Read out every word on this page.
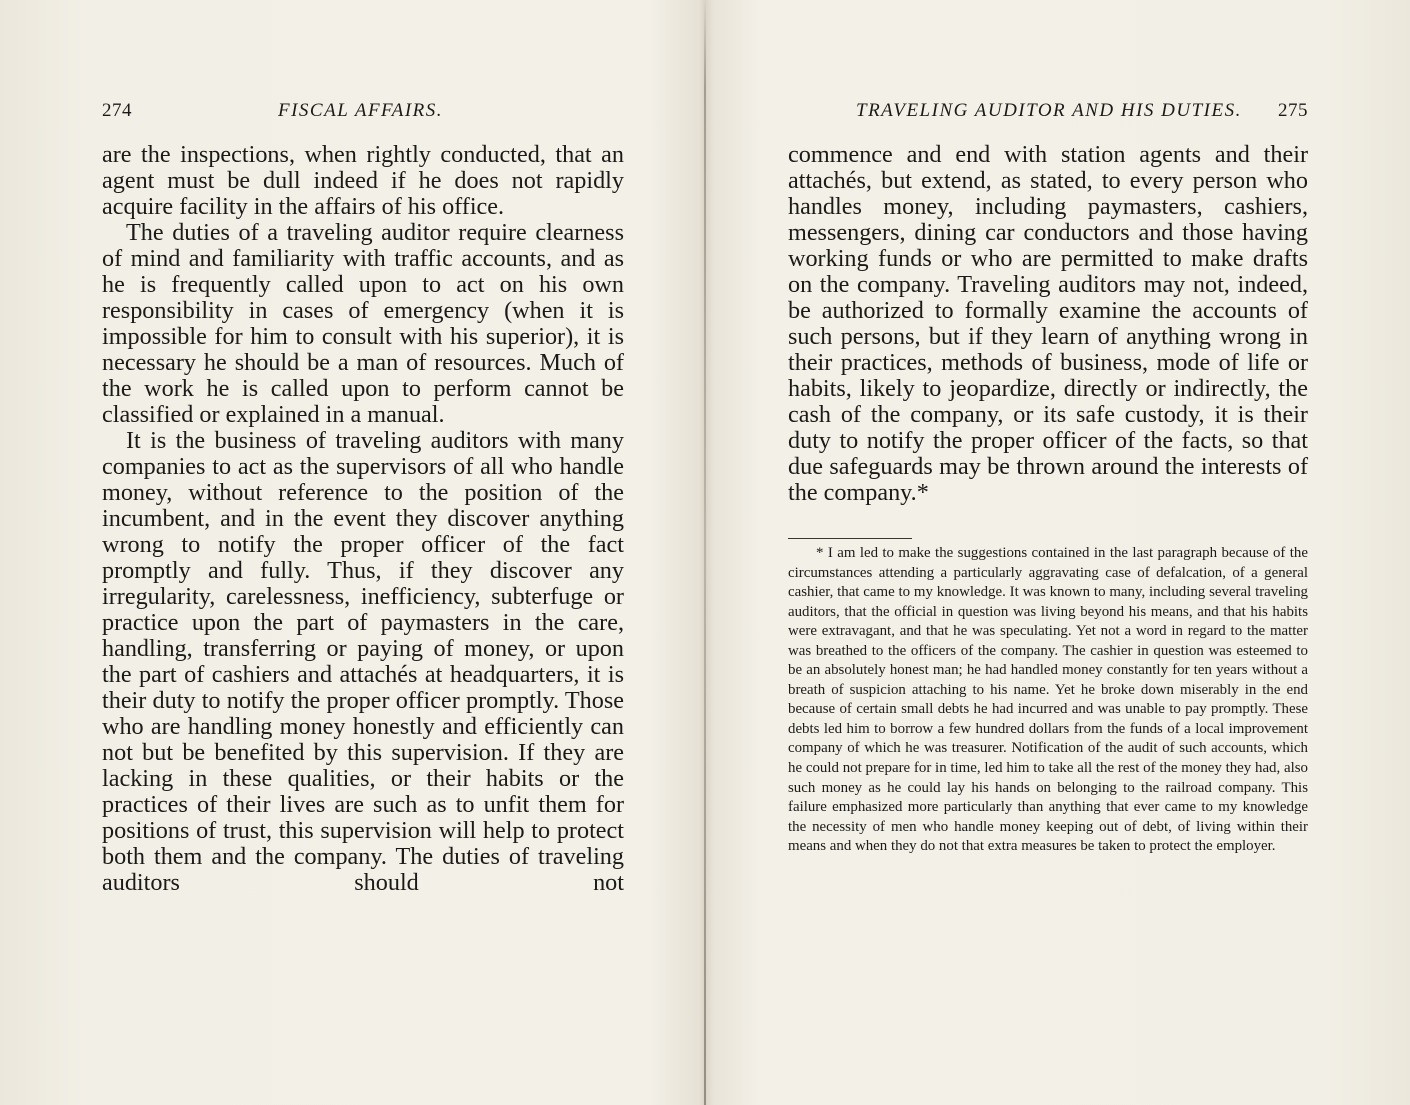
274	FISCAL AFFAIRS.

are the inspections, when rightly conducted, that an agent must be dull indeed if he does not rapidly acquire facility in the affairs of his office.

The duties of a traveling auditor require clearness of mind and familiarity with traffic accounts, and as he is frequently called upon to act on his own responsibility in cases of emergency (when it is impossible for him to consult with his superior), it is necessary he should be a man of resources. Much of the work he is called upon to perform cannot be classified or explained in a manual.

It is the business of traveling auditors with many companies to act as the supervisors of all who handle money, without reference to the position of the incumbent, and in the event they discover anything wrong to notify the proper officer of the fact promptly and fully. Thus, if they discover any irregularity, carelessness, inefficiency, subterfuge or practice upon the part of paymasters in the care, handling, transferring or paying of money, or upon the part of cashiers and attachés at headquarters, it is their duty to notify the proper officer promptly. Those who are handling money honestly and efficiently can not but be benefited by this supervision. If they are lacking in these qualities, or their habits or the practices of their lives are such as to unfit them for positions of trust, this supervision will help to protect both them and the company. The duties of traveling auditors should not

TRAVELING AUDITOR AND HIS DUTIES. 275

commence and end with station agents and their attachés, but extend, as stated, to every person who handles money, including paymasters, cashiers, messengers, dining car conductors and those having working funds or who are permitted to make drafts on the company. Traveling auditors may not, indeed, be authorized to formally examine the accounts of such persons, but if they learn of anything wrong in their practices, methods of business, mode of life or habits, likely to jeopardize, directly or indirectly, the cash of the company, or its safe custody, it is their duty to notify the proper officer of the facts, so that due safeguards may be thrown around the interests of the company.*

* I am led to make the suggestions contained in the last paragraph because of the circumstances attending a particularly aggravating case of defalcation, of a general cashier, that came to my knowledge. It was known to many, including several traveling auditors, that the official in question was living beyond his means, and that his habits were extravagant, and that he was speculating. Yet not a word in regard to the matter was breathed to the officers of the company. The cashier in question was esteemed to be an absolutely honest man; he had handled money constantly for ten years without a breath of suspicion attaching to his name. Yet he broke down miserably in the end because of certain small debts he had incurred and was unable to pay promptly. These debts led him to borrow a few hundred dollars from the funds of a local improvement company of which he was treasurer. Notification of the audit of such accounts, which he could not prepare for in time, led him to take all the rest of the money they had, also such money as he could lay his hands on belonging to the railroad company. This failure emphasized more particularly than anything that ever came to my knowledge the necessity of men who handle money keeping out of debt, of living within their means and when they do not that extra measures be taken to protect the employer.
